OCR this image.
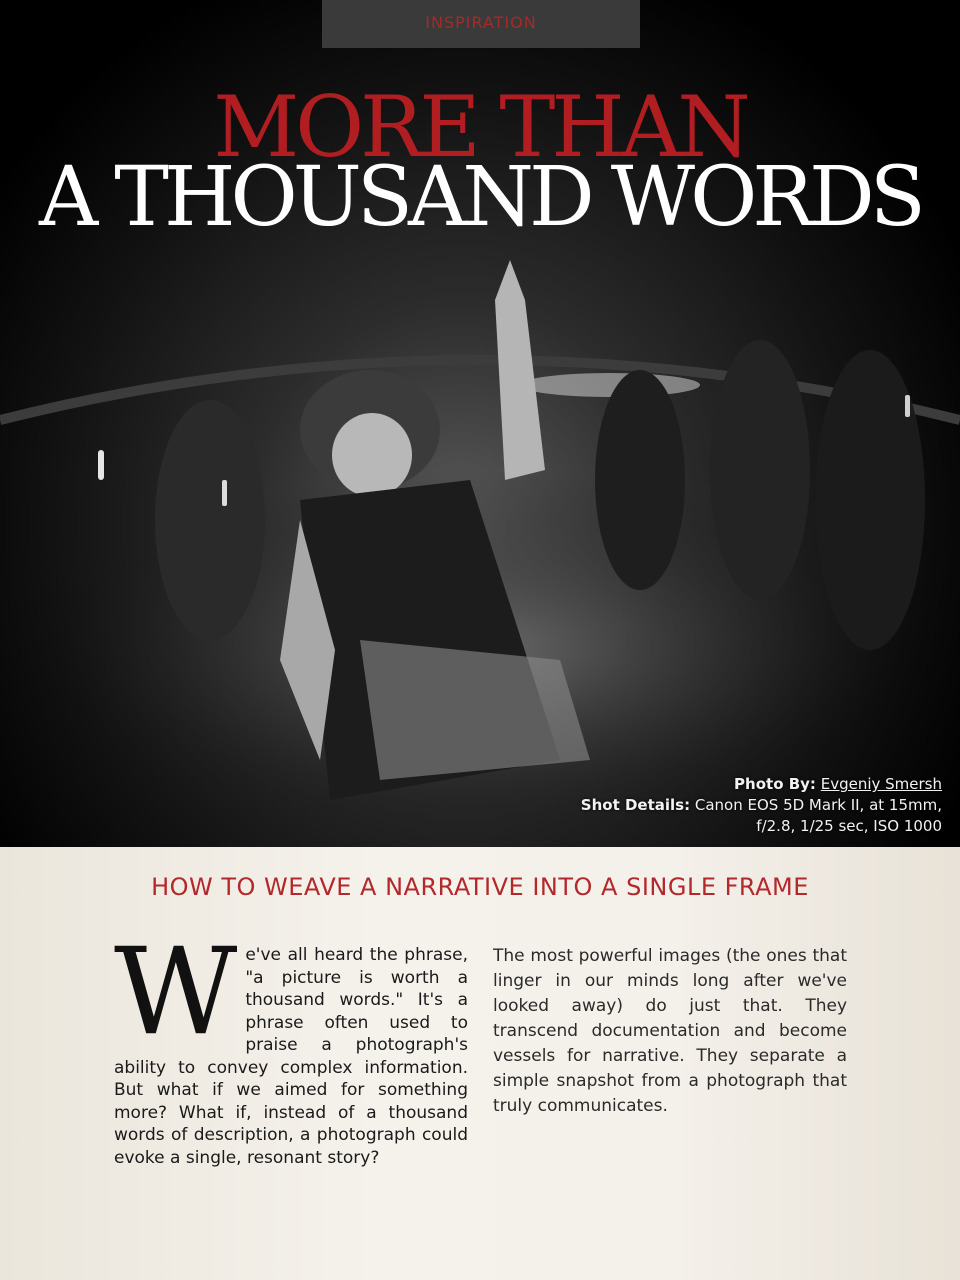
INSPIRATION
MORE THAN
A THOUSAND WORDS
Photo By: Evgeniy Smersh
Shot Details: Canon EOS 5D Mark II, at 15mm,
f/2.8, 1/25 sec, ISO 1000
HOW TO WEAVE A NARRATIVE INTO A SINGLE FRAME

We've all heard the phrase, "a picture is worth a thousand words." It's a phrase often used to praise a photograph's ability to convey complex information. But what if we aimed for something more? What if, instead of a thousand words of description, a photograph could evoke a single, resonant story?

The most powerful images (the ones that linger in our minds long after we've looked away) do just that. They transcend documentation and become vessels for narrative. They separate a simple snapshot from a photograph that truly communicates.
